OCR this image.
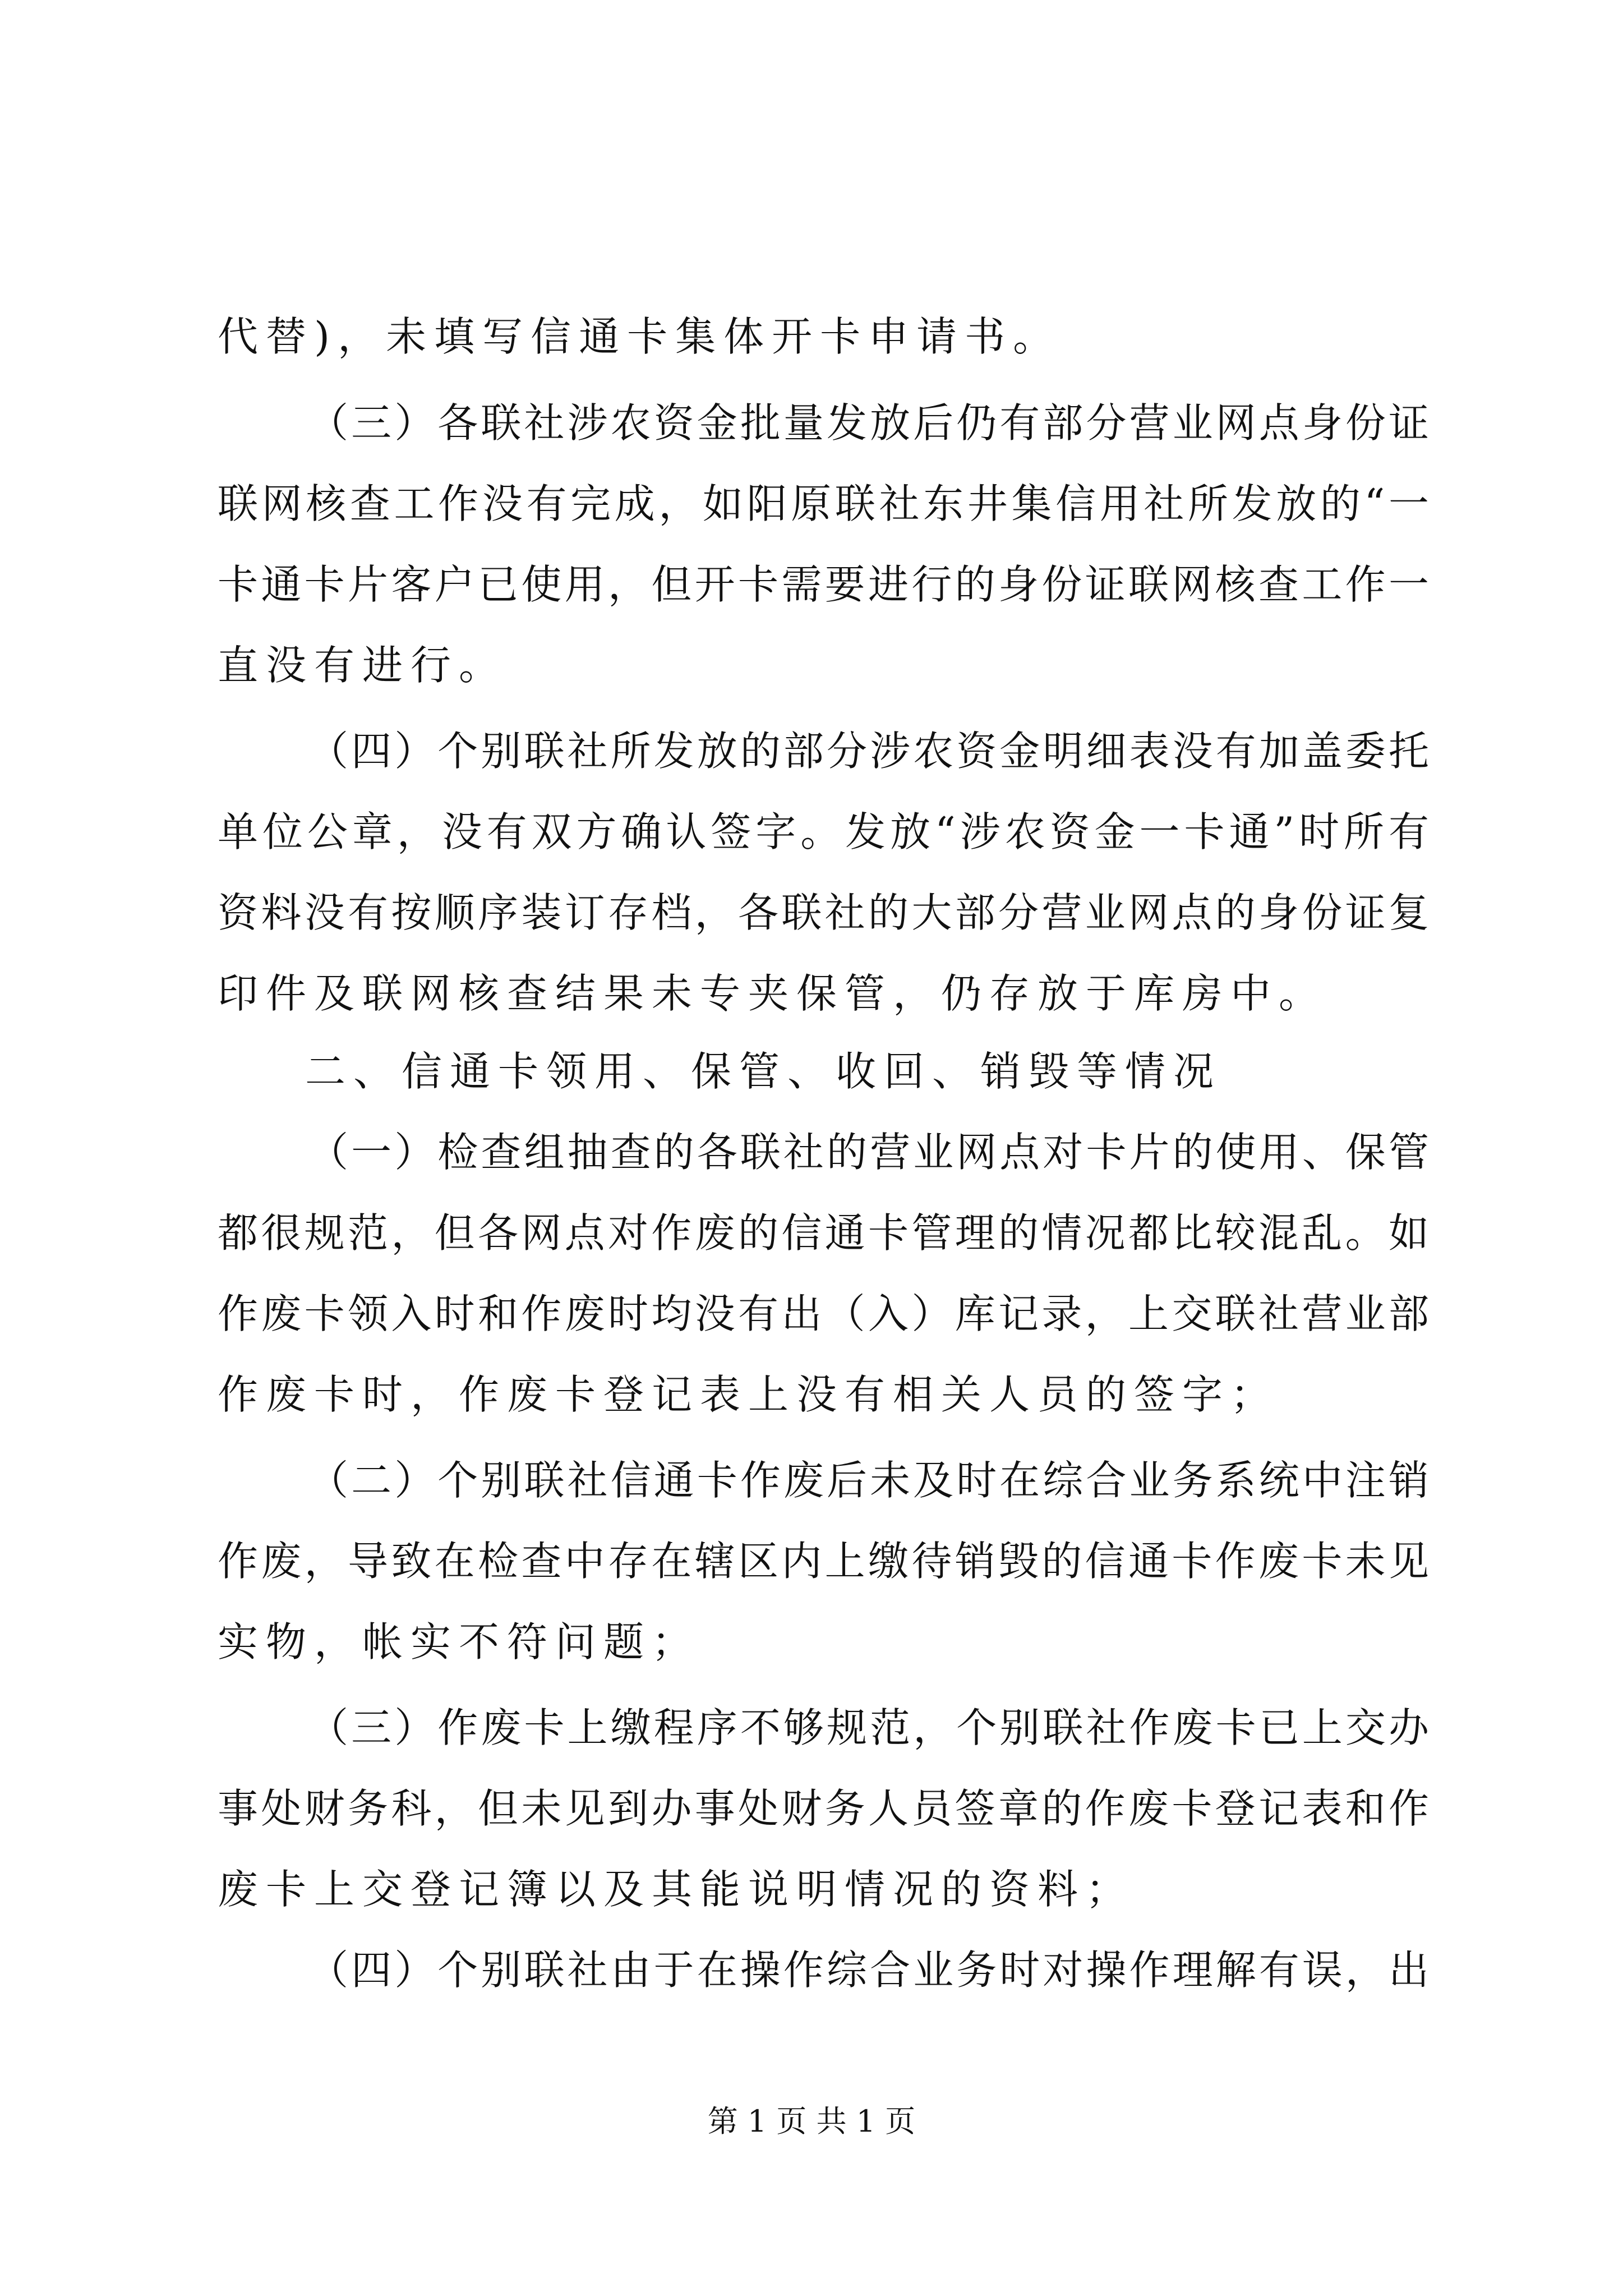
代替)，未填写信通卡集体开卡申请书。
（三）各联社涉农资金批量发放后仍有部分营业网点身份证
联网核查工作没有完成，如阳原联社东井集信用社所发放的“一
卡通卡片客户已使用，但开卡需要进行的身份证联网核查工作一
直没有进行。
（四）个别联社所发放的部分涉农资金明细表没有加盖委托
单位公章，没有双方确认签字。发放“涉农资金一卡通”时所有
资料没有按顺序装订存档，各联社的大部分营业网点的身份证复
印件及联网核查结果未专夹保管，仍存放于库房中。
二、信通卡领用、保管、收回、销毁等情况
（一）检查组抽查的各联社的营业网点对卡片的使用、保管
都很规范，但各网点对作废的信通卡管理的情况都比较混乱。如
作废卡领入时和作废时均没有出（入）库记录，上交联社营业部
作废卡时，作废卡登记表上没有相关人员的签字；
（二）个别联社信通卡作废后未及时在综合业务系统中注销
作废，导致在检查中存在辖区内上缴待销毁的信通卡作废卡未见
实物，帐实不符问题；
（三）作废卡上缴程序不够规范，个别联社作废卡已上交办
事处财务科，但未见到办事处财务人员签章的作废卡登记表和作
废卡上交登记簿以及其能说明情况的资料；
（四）个别联社由于在操作综合业务时对操作理解有误，出
第 1 页 共 1 页
